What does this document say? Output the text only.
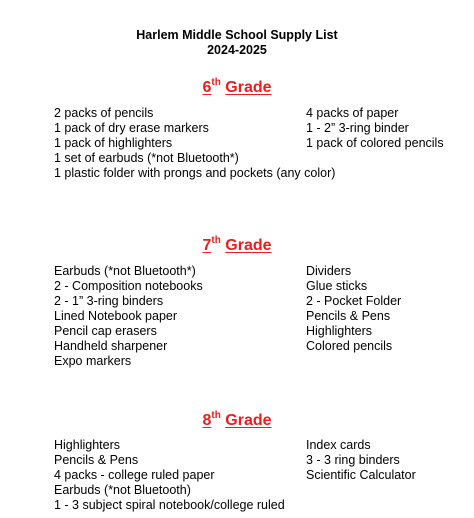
Harlem Middle School Supply List
2024-2025
6th Grade
2 packs of pencils
1 pack of dry erase markers
1 pack of highlighters
1 set of earbuds (*not Bluetooth*)
1 plastic folder with prongs and pockets (any color)
4 packs of paper
1 - 2” 3-ring binder
1 pack of colored pencils
7th Grade
Earbuds (*not Bluetooth*)
2 - Composition notebooks
2 - 1” 3-ring binders
Lined Notebook paper
Pencil cap erasers
Handheld sharpener
Expo markers
Dividers
Glue sticks
2 - Pocket Folder
Pencils & Pens
Highlighters
Colored pencils
8th Grade
Highlighters
Pencils & Pens
4 packs - college ruled paper
Earbuds (*not Bluetooth)
1 - 3 subject spiral notebook/college ruled
Index cards
3 - 3 ring binders
Scientific Calculator
